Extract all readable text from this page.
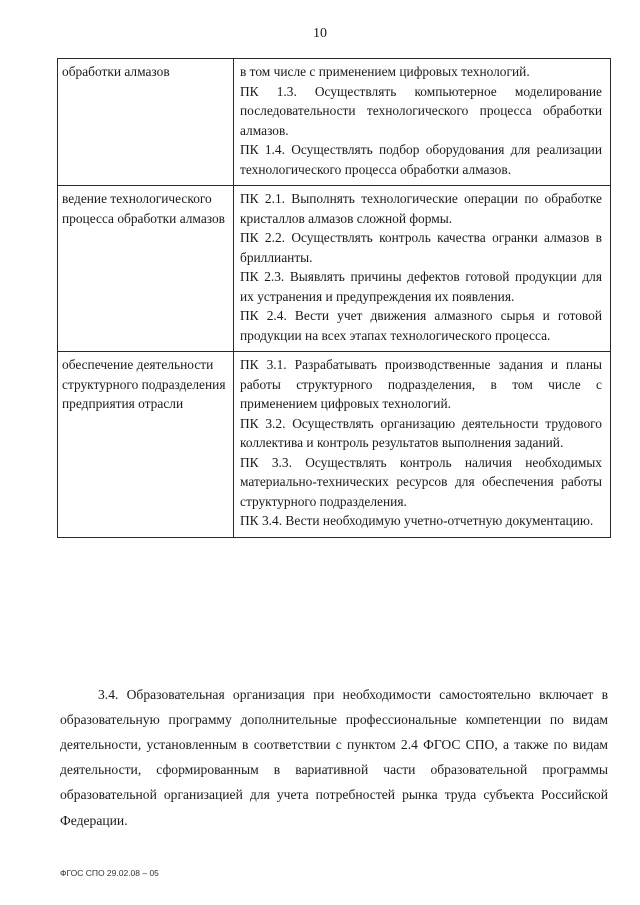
10
обработки алмазов	в том числе с применением цифровых технологий.
ПК 1.3. Осуществлять компьютерное моделирование последовательности технологического процесса обработки алмазов.
ПК 1.4. Осуществлять подбор оборудования для реализации технологического процесса обработки алмазов.

ведение технологического процесса обработки алмазов	ПК 2.1. Выполнять технологические операции по обработке кристаллов алмазов сложной формы.
ПК 2.2. Осуществлять контроль качества огранки алмазов в бриллианты.
ПК 2.3. Выявлять причины дефектов готовой продукции для их устранения и предупреждения их появления.
ПК 2.4. Вести учет движения алмазного сырья и готовой продукции на всех этапах технологического процесса.

обеспечение деятельности структурного подразделения предприятия отрасли	ПК 3.1. Разрабатывать производственные задания и планы работы структурного подразделения, в том числе с применением цифровых технологий.
ПК 3.2. Осуществлять организацию деятельности трудового коллектива и контроль результатов выполнения заданий.
ПК 3.3. Осуществлять контроль наличия необходимых материально-технических ресурсов для обеспечения работы структурного подразделения.
ПК 3.4. Вести необходимую учетно-отчетную документацию.

3.4. Образовательная организация при необходимости самостоятельно включает в образовательную программу дополнительные профессиональные компетенции по видам деятельности, установленным в соответствии с пунктом 2.4 ФГОС СПО, а также по видам деятельности, сформированным в вариативной части образовательной программы образовательной организацией для учета потребностей рынка труда субъекта Российской Федерации.

ФГОС СПО 29.02.08 – 05
